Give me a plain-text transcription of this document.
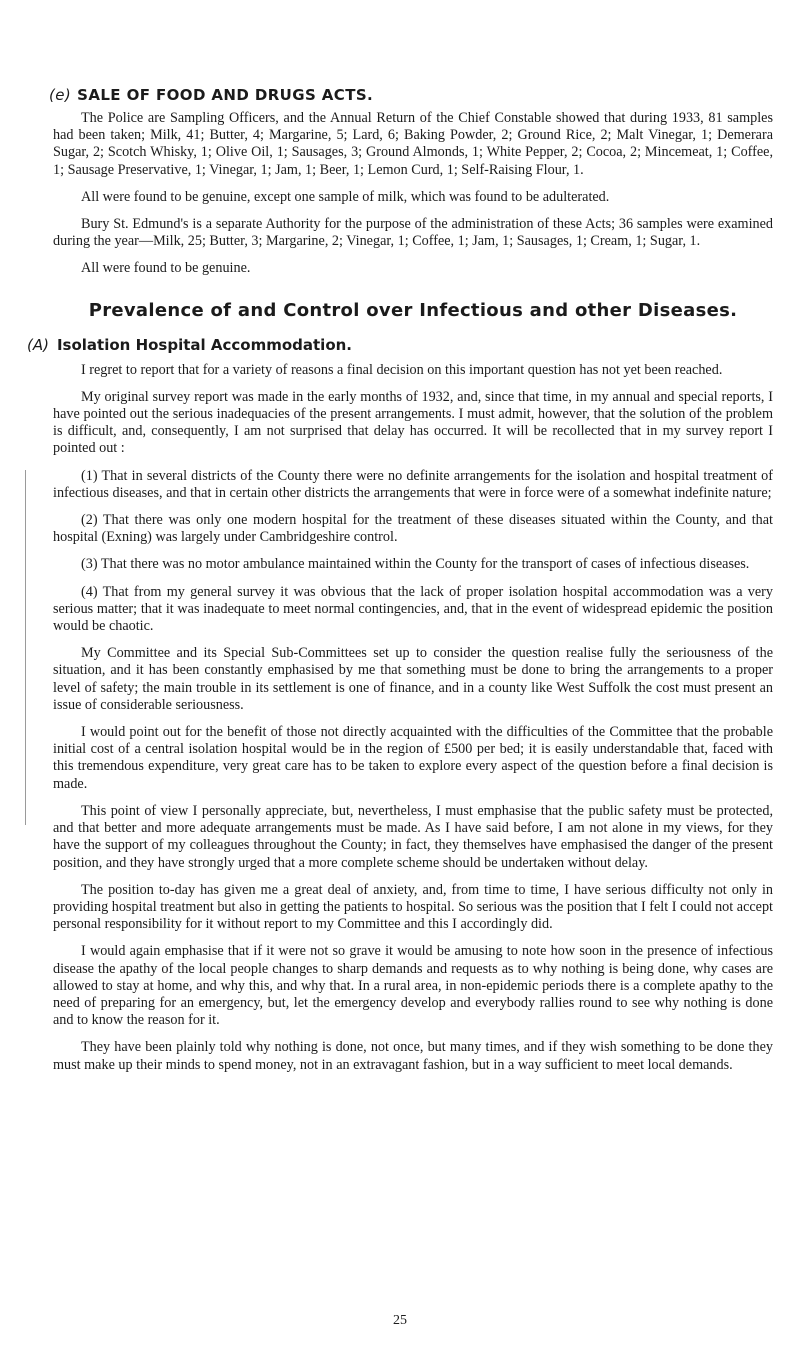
(e) SALE OF FOOD AND DRUGS ACTS.

The Police are Sampling Officers, and the Annual Return of the Chief Constable showed that during 1933, 81 samples had been taken; Milk, 41; Butter, 4; Margarine, 5; Lard, 6; Baking Powder, 2; Ground Rice, 2; Malt Vinegar, 1; Demerara Sugar, 2; Scotch Whisky, 1; Olive Oil, 1; Sausages, 3; Ground Almonds, 1; White Pepper, 2; Cocoa, 2; Mincemeat, 1; Coffee, 1; Sausage Preservative, 1; Vinegar, 1; Jam, 1; Beer, 1; Lemon Curd, 1; Self-Raising Flour, 1.

All were found to be genuine, except one sample of milk, which was found to be adulterated.

Bury St. Edmund's is a separate Authority for the purpose of the administration of these Acts; 36 samples were examined during the year—Milk, 25; Butter, 3; Margarine, 2; Vinegar, 1; Coffee, 1; Jam, 1; Sausages, 1; Cream, 1; Sugar, 1.

All were found to be genuine.

Prevalence of and Control over Infectious and other Diseases.
(A) Isolation Hospital Accommodation.

I regret to report that for a variety of reasons a final decision on this important question has not yet been reached.

My original survey report was made in the early months of 1932, and, since that time, in my annual and special reports, I have pointed out the serious inadequacies of the present arrangements. I must admit, however, that the solution of the problem is difficult, and, consequently, I am not surprised that delay has occurred. It will be recollected that in my survey report I pointed out :

(1) That in several districts of the County there were no definite arrangements for the isolation and hospital treatment of infectious diseases, and that in certain other districts the arrangements that were in force were of a somewhat indefinite nature;

(2) That there was only one modern hospital for the treatment of these diseases situated within the County, and that hospital (Exning) was largely under Cambridgeshire control.

(3) That there was no motor ambulance maintained within the County for the transport of cases of infectious diseases.

(4) That from my general survey it was obvious that the lack of proper isolation hospital accommodation was a very serious matter; that it was inadequate to meet normal contingencies, and, that in the event of widespread epidemic the position would be chaotic.

My Committee and its Special Sub-Committees set up to consider the question realise fully the seriousness of the situation, and it has been constantly emphasised by me that something must be done to bring the arrangements to a proper level of safety; the main trouble in its settlement is one of finance, and in a county like West Suffolk the cost must present an issue of considerable seriousness.

I would point out for the benefit of those not directly acquainted with the difficulties of the Committee that the probable initial cost of a central isolation hospital would be in the region of £500 per bed; it is easily understandable that, faced with this tremendous expenditure, very great care has to be taken to explore every aspect of the question before a final decision is made.

This point of view I personally appreciate, but, nevertheless, I must emphasise that the public safety must be protected, and that better and more adequate arrangements must be made. As I have said before, I am not alone in my views, for they have the support of my colleagues throughout the County; in fact, they themselves have emphasised the danger of the present position, and they have strongly urged that a more complete scheme should be undertaken without delay.

The position to-day has given me a great deal of anxiety, and, from time to time, I have serious difficulty not only in providing hospital treatment but also in getting the patients to hospital. So serious was the position that I felt I could not accept personal responsibility for it without report to my Committee and this I accordingly did.

I would again emphasise that if it were not so grave it would be amusing to note how soon in the presence of infectious disease the apathy of the local people changes to sharp demands and requests as to why nothing is being done, why cases are allowed to stay at home, and why this, and why that. In a rural area, in non-epidemic periods there is a complete apathy to the need of preparing for an emergency, but, let the emergency develop and everybody rallies round to see why nothing is done and to know the reason for it.

They have been plainly told why nothing is done, not once, but many times, and if they wish something to be done they must make up their minds to spend money, not in an extravagant fashion, but in a way sufficient to meet local demands.

25
